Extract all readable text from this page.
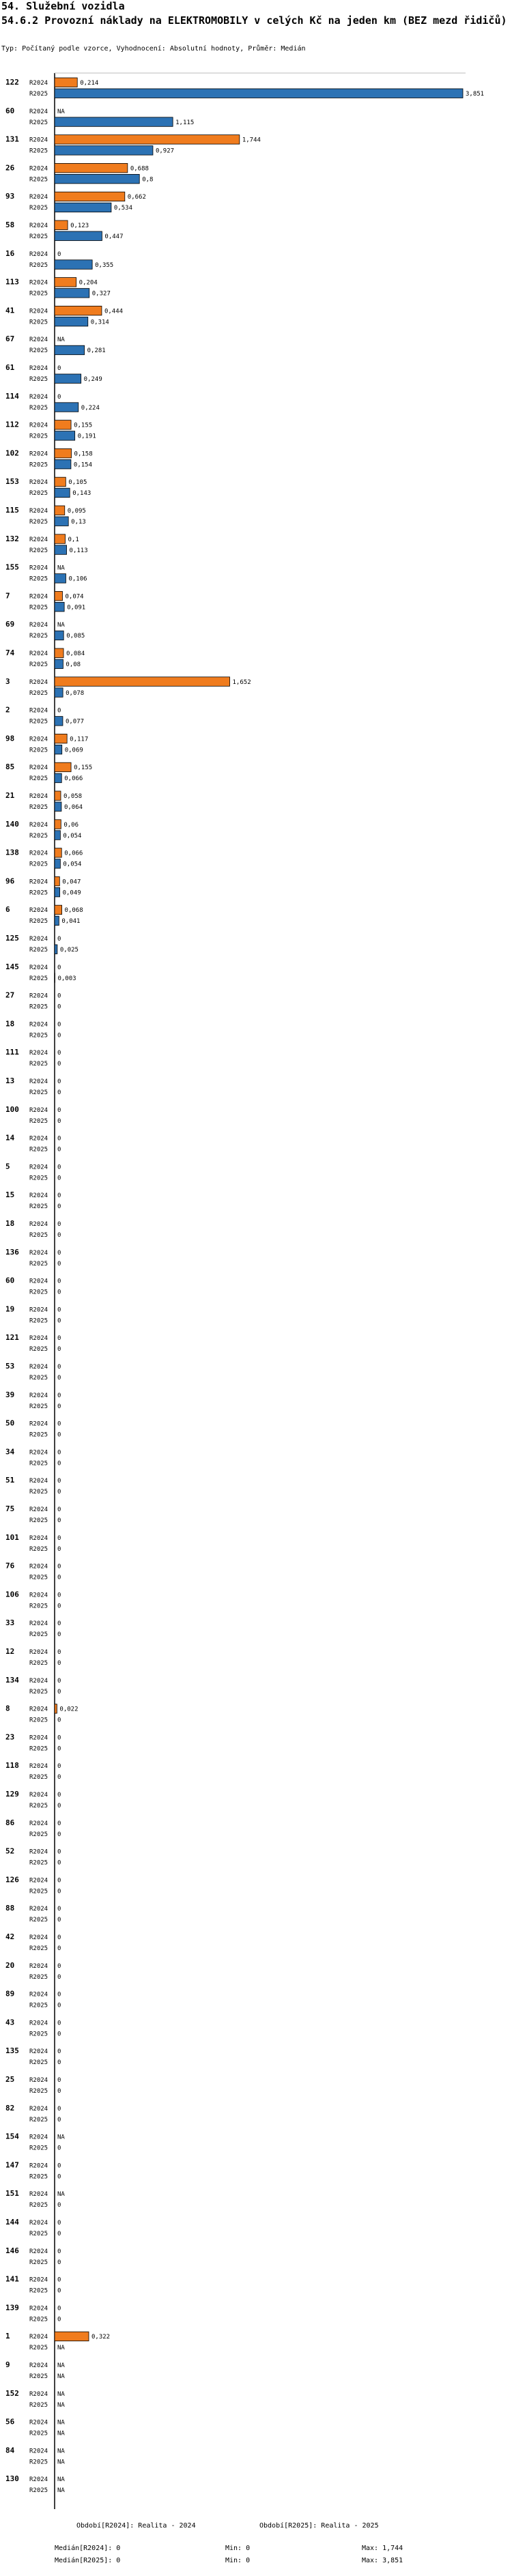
54. Služební vozidla
54.6.2 Provozní náklady na ELEKTROMOBILY v celých Kč na jeden km (BEZ mezd řidičů)
Typ: Počítaný podle vzorce, Vyhodnocení: Absolutní hodnoty, Průměr: Medián
122 R2024	0,214
R2025	3,851
60 R2024 NA
R2025	1,115
131 R2024	1,744
R2025	0,927
26 R2024	0,688
R2025	0,8
93 R2024	0,662
R2025	0,534
58 R2024	0,123
R2025	0,447
16 R2024 0
R2025	0,355
113 R2024	0,204
R2025	0,327
41 R2024	0,444
R2025	0,314
67 R2024 NA
R2025	0,281
61 R2024 0
R2025	0,249
114 R2024 0
R2025	0,224
112 R2024	0,155
R2025	0,191
102 R2024	0,158
R2025	0,154
153 R2024	0,105
R2025	0,143
115 R2024	0,095
R2025	0,13
132 R2024	0,1
R2025	0,113
155 R2024 NA
R2025	0,106
7	R2024	0,074
R2025	0,091
69 R2024 NA
R2025	0,085
74 R2024	0,084
R2025	0,08
3	R2024	1,652
R2025	0,078
2	R2024 0
R2025	0,077
98 R2024	0,117
R2025	0,069
85 R2024	0,155
R2025	0,066
21 R2024	0,058
R2025	0,064
140 R2024	0,06
R2025 0,054
138 R2024	0,066
R2025 0,054
96 R2024 0,047
R2025 0,049
6	R2024	0,068
R2025 0,041
125 R2024 0
R2025 0,025
145 R2024 0
R2025 0,003
27 R2024 0
R2025 0
18 R2024 0
R2025 0
111 R2024 0
R2025 0
13 R2024 0
R2025 0
100 R2024 0
R2025 0
14 R2024 0
R2025 0
5	R2024 0
R2025 0
15 R2024 0
R2025 0
18 R2024 0
R2025 0
136 R2024 0
R2025 0
60 R2024 0
R2025 0
19 R2024 0
R2025 0
121 R2024 0
R2025 0
53 R2024 0
R2025 0
39 R2024 0
R2025 0
50 R2024 0
R2025 0
34 R2024 0
R2025 0
51 R2024 0
R2025 0
75 R2024 0
R2025 0
101 R2024 0
R2025 0
76 R2024 0
R2025 0
106 R2024 0
R2025 0
33 R2024 0
R2025 0
12 R2024 0
R2025 0
134 R2024 0
R2025 0
8	R2024 0,022
R2025 0
23 R2024 0
R2025 0
118 R2024 0
R2025 0
129 R2024 0
R2025 0
86 R2024 0
R2025 0
52 R2024 0
R2025 0
126 R2024 0
R2025 0
88 R2024 0
R2025 0
42 R2024 0
R2025 0
20 R2024 0
R2025 0
89 R2024 0
R2025 0
43 R2024 0
R2025 0
135 R2024 0
R2025 0
25 R2024 0
R2025 0
82 R2024 0
R2025 0
154 R2024 NA
R2025 0
147 R2024 0
R2025 0
151 R2024 NA
R2025 0
144 R2024 0
R2025 0
146 R2024 0
R2025 0
141 R2024 0
R2025 0
139 R2024 0
R2025 0
1	R2024	0,322
R2025 NA
9	R2024 NA
R2025 NA
152 R2024 NA
R2025 NA
56 R2024 NA
R2025 NA
84 R2024 NA
R2025 NA
130 R2024 NA
R2025 NA
Období[R2024]: Realita - 2024	Období[R2025]: Realita - 2025
Medián[R2024]: 0
Medián[R2025]: 0
Min: 0
Min: 0
Max: 1,744
Max: 3,851
